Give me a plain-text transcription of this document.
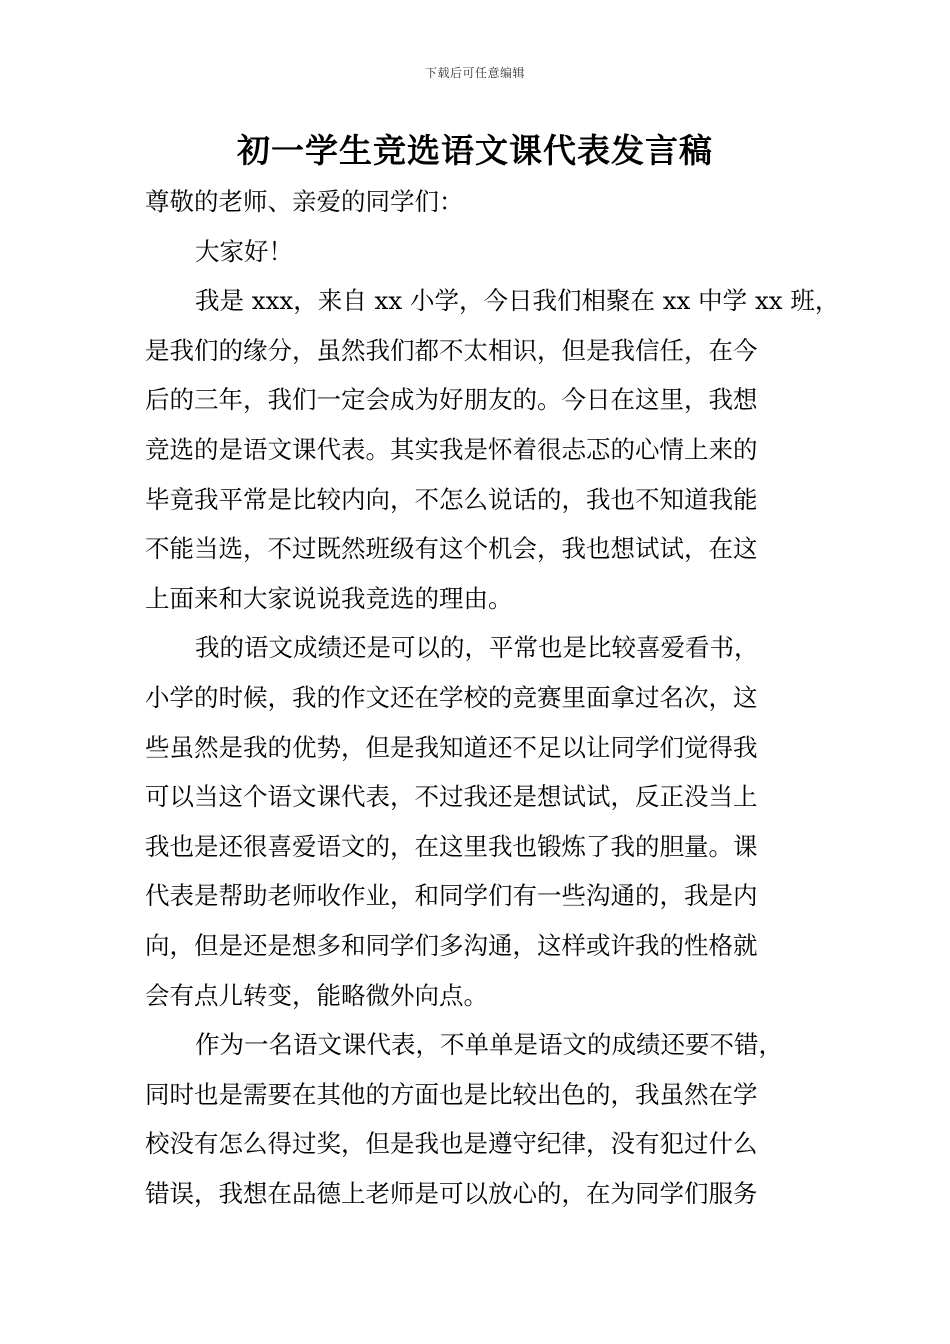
下载后可任意编辑
初一学生竞选语文课代表发言稿
尊敬的老师、亲爱的同学们：
大家好！

我是 xxx，来自 xx 小学，今日我们相聚在 xx 中学 xx 班，
是我们的缘分，虽然我们都不太相识，但是我信任，在今
后的三年，我们一定会成为好朋友的。今日在这里，我想
竞选的是语文课代表。其实我是怀着很忐忑的心情上来的
毕竟我平常是比较内向，不怎么说话的，我也不知道我能
不能当选，不过既然班级有这个机会，我也想试试，在这
上面来和大家说说我竞选的理由。

我的语文成绩还是可以的，平常也是比较喜爱看书，
小学的时候，我的作文还在学校的竞赛里面拿过名次，这
些虽然是我的优势，但是我知道还不足以让同学们觉得我
可以当这个语文课代表，不过我还是想试试，反正没当上
我也是还很喜爱语文的，在这里我也锻炼了我的胆量。课
代表是帮助老师收作业，和同学们有一些沟通的，我是内
向，但是还是想多和同学们多沟通，这样或许我的性格就
会有点儿转变，能略微外向点。

作为一名语文课代表，不单单是语文的成绩还要不错，
同时也是需要在其他的方面也是比较出色的，我虽然在学
校没有怎么得过奖，但是我也是遵守纪律，没有犯过什么
错误，我想在品德上老师是可以放心的，在为同学们服务
